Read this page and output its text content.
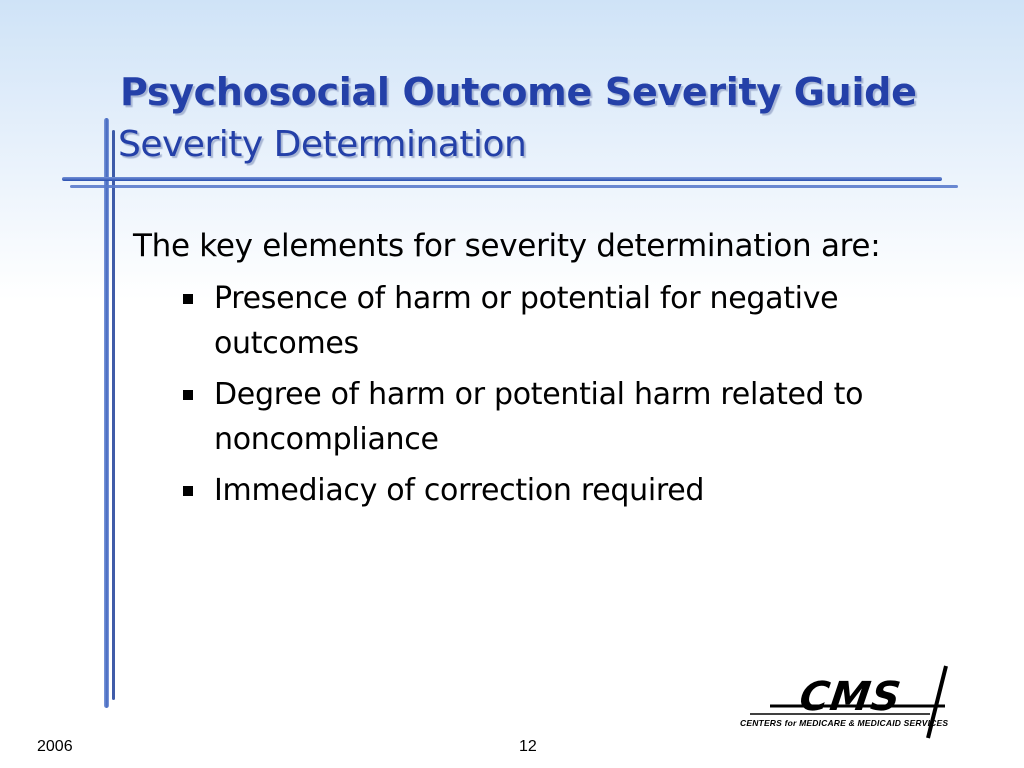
Psychosocial Outcome Severity Guide
Severity Determination
The key elements for severity determination are:
Presence of harm or potential for negative outcomes
Degree of harm or potential harm related to noncompliance
Immediacy of correction required
CMS
CENTERS for MEDICARE & MEDICAID SERVICES
2006	12
